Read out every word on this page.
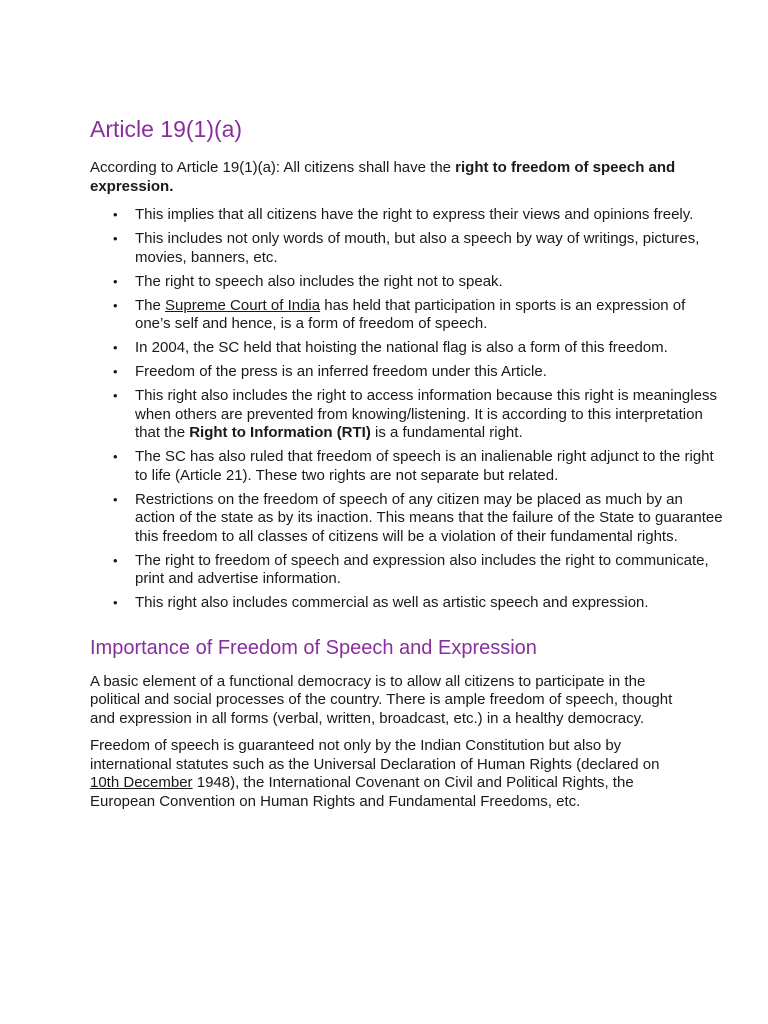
Article 19(1)(a)

According to Article 19(1)(a): All citizens shall have the right to freedom of speech and expression.

• This implies that all citizens have the right to express their views and opinions freely.
• This includes not only words of mouth, but also a speech by way of writings, pictures, movies, banners, etc.
• The right to speech also includes the right not to speak.
• The Supreme Court of India has held that participation in sports is an expression of one’s self and hence, is a form of freedom of speech.
• In 2004, the SC held that hoisting the national flag is also a form of this freedom.
• Freedom of the press is an inferred freedom under this Article.
• This right also includes the right to access information because this right is meaningless when others are prevented from knowing/listening. It is according to this interpretation that the Right to Information (RTI) is a fundamental right.
• The SC has also ruled that freedom of speech is an inalienable right adjunct to the right to life (Article 21). These two rights are not separate but related.
• Restrictions on the freedom of speech of any citizen may be placed as much by an action of the state as by its inaction. This means that the failure of the State to guarantee this freedom to all classes of citizens will be a violation of their fundamental rights.
• The right to freedom of speech and expression also includes the right to communicate, print and advertise information.
• This right also includes commercial as well as artistic speech and expression.
Importance of Freedom of Speech and Expression

A basic element of a functional democracy is to allow all citizens to participate in the political and social processes of the country. There is ample freedom of speech, thought and expression in all forms (verbal, written, broadcast, etc.) in a healthy democracy.

Freedom of speech is guaranteed not only by the Indian Constitution but also by international statutes such as the Universal Declaration of Human Rights (declared on 10th December 1948), the International Covenant on Civil and Political Rights, the European Convention on Human Rights and Fundamental Freedoms, etc.
